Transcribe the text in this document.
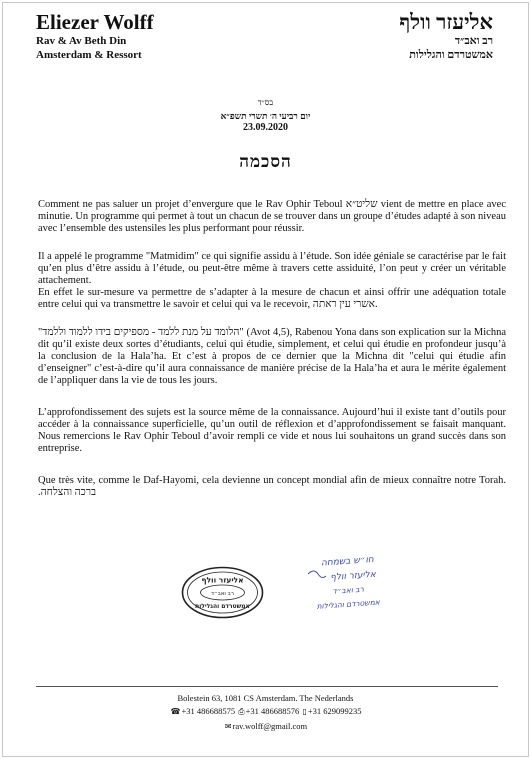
Eliezer Wolff
Rav & Av Beth Din
Amsterdam & Ressort
אליעזר וולף
רב ואב״ד
אמשטרדם והגלילות
בס״ד
יום רביעי ה׳ תשרי תשפ״א
23.09.2020
הסכמה

Comment ne pas saluer un projet d’envergure que le Rav Ophir Teboul שליט״א vient de mettre en place avec minutie. Un programme qui permet à tout un chacun de se trouver dans un groupe d’études adapté à son niveau avec l’ensemble des ustensiles les plus performant pour réussir.

Il a appelé le programme "Matmidim" ce qui signifie assidu à l’étude. Son idée géniale se caractérise par le fait qu’en plus d’être assidu à l’étude, ou peut-être même à travers cette assiduité, l’on peut y créer un véritable attachement.
En effet le sur-mesure va permettre de s’adapter à la mesure de chacun et ainsi offrir une adéquation totale entre celui qui va transmettre le savoir et celui qui va le recevoir, אשרי עין ראתה.

"הלומד על מנת ללמד - מספיקים בידו ללמוד וללמד" (Avot 4,5), Rabenou Yona dans son explication sur la Michna dit qu’il existe deux sortes d’étudiants, celui qui étudie, simplement, et celui qui étudie en profondeur jusqu’à la conclusion de la Hala’ha. Et c’est à propos de ce dernier que la Michna dit "celui qui étudie afin d’enseigner" c’est-à-dire qu’il aura connaissance de manière précise de la Hala’ha et aura le mérite également de l’appliquer dans la vie de tous les jours.

L’approfondissement des sujets est la source même de la connaissance. Aujourd’hui il existe tant d’outils pour accéder à la connaissance superficielle, qu’un outil de réflexion et d’approfondissement se faisait manquant. Nous remercions le Rav Ophir Teboul d’avoir rempli ce vide et nous lui souhaitons un grand succès dans son entreprise.

Que très vite, comme le Daf-Hayomi, cela devienne un concept mondial afin de mieux connaître notre Torah. ברכה והצלחה.

אליעזר וולף
רב ואב״ד
אמשטרדם והגלילות
חו״ש בשמחה
אליעזר וולף
רב ואב״ד
אמשטרדם והגלילות
Bolestein 63, 1081 CS Amsterdam. The Nederlands
☎+31 486688575 ⎙+31 486688576 ▯+31 629099235
✉rav.wolff@gmail.com
